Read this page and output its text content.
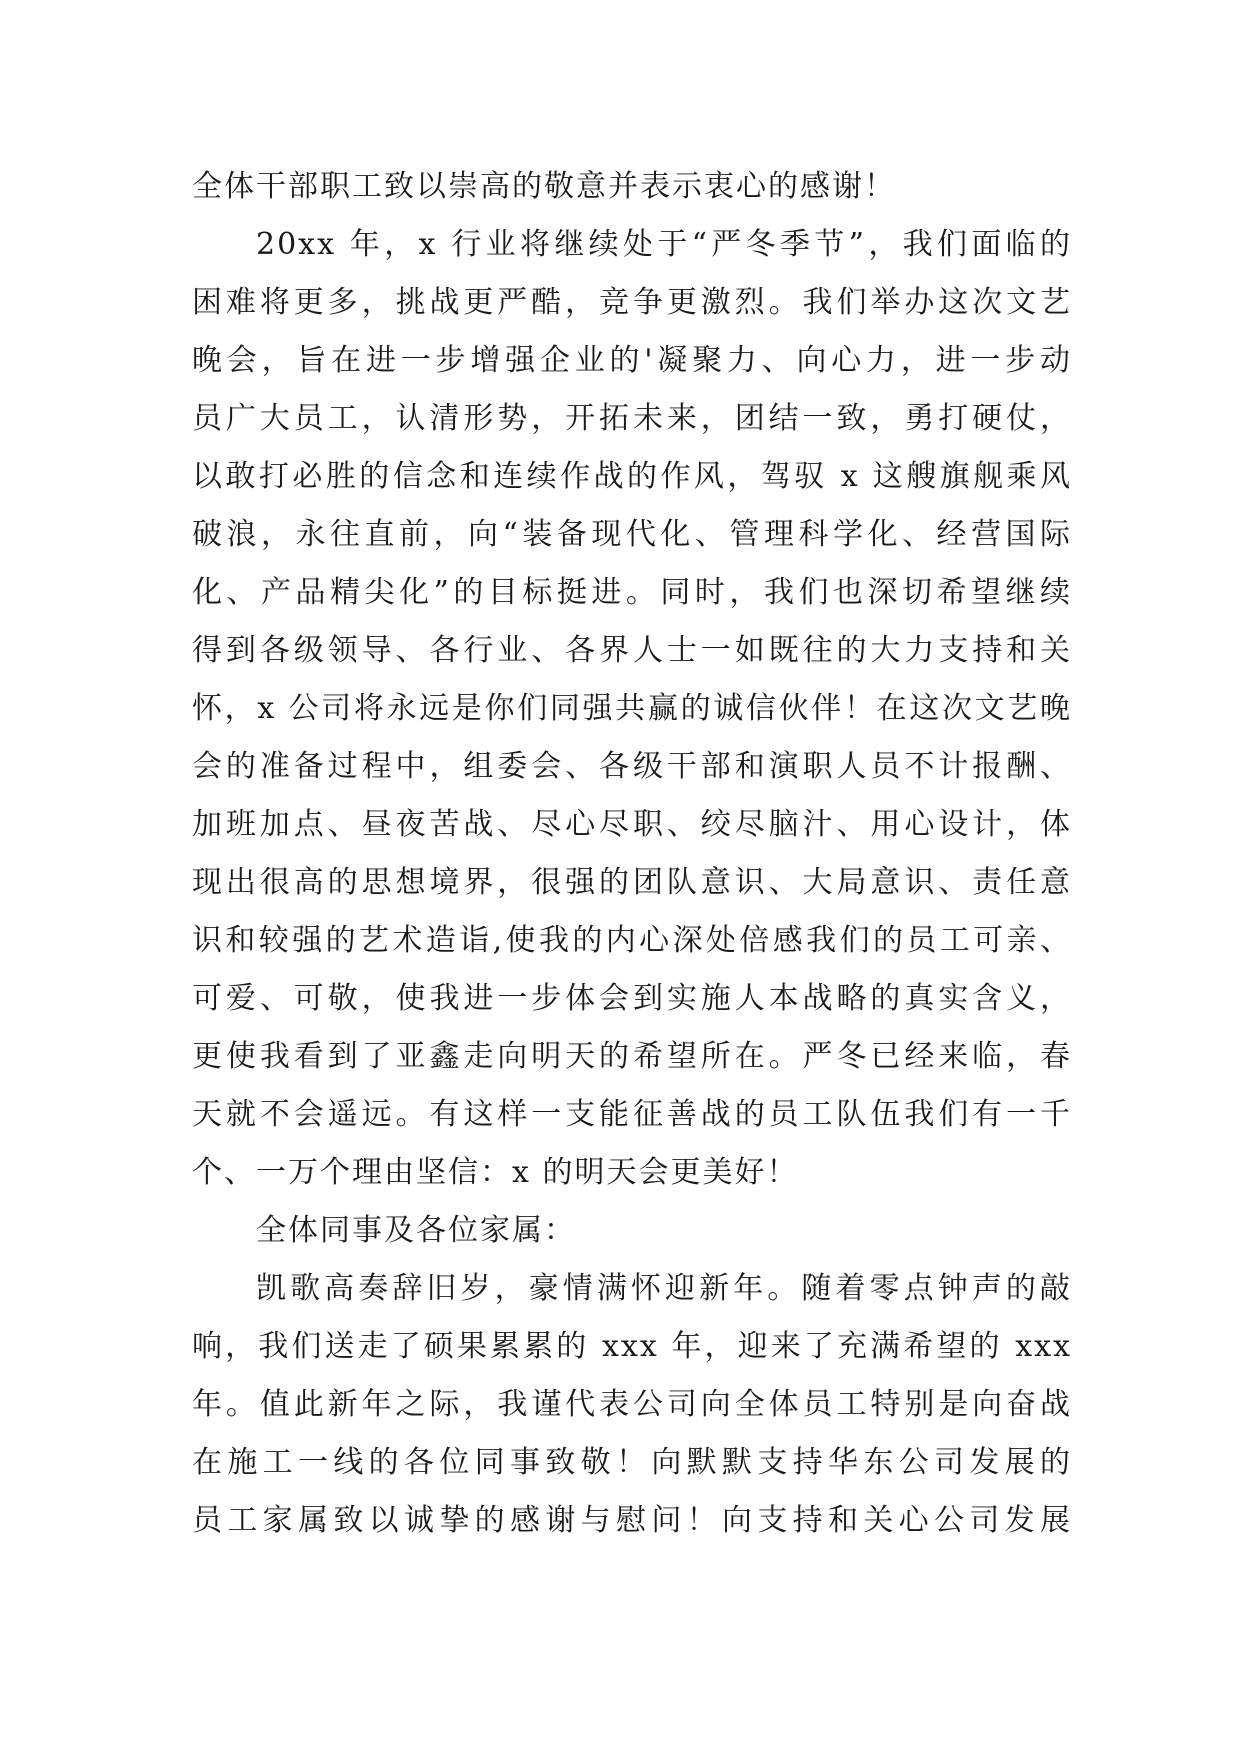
全体干部职工致以崇高的敬意并表示衷心的感谢！
20xx 年，x 行业将继续处于“严冬季节”，我们面临的
困难将更多，挑战更严酷，竞争更激烈。我们举办这次文艺
晚会，旨在进一步增强企业的'凝聚力、向心力，进一步动
员广大员工，认清形势，开拓未来，团结一致，勇打硬仗，
以敢打必胜的信念和连续作战的作风，驾驭 x 这艘旗舰乘风
破浪，永往直前，向“装备现代化、管理科学化、经营国际
化、产品精尖化”的目标挺进。同时，我们也深切希望继续
得到各级领导、各行业、各界人士一如既往的大力支持和关
怀，x 公司将永远是你们同强共赢的诚信伙伴！在这次文艺晚
会的准备过程中，组委会、各级干部和演职人员不计报酬、
加班加点、昼夜苦战、尽心尽职、绞尽脑汁、用心设计，体
现出很高的思想境界，很强的团队意识、大局意识、责任意
识和较强的艺术造诣,使我的内心深处倍感我们的员工可亲、
可爱、可敬，使我进一步体会到实施人本战略的真实含义，
更使我看到了亚鑫走向明天的希望所在。严冬已经来临，春
天就不会遥远。有这样一支能征善战的员工队伍我们有一千
个、一万个理由坚信：x 的明天会更美好！
全体同事及各位家属：
凯歌高奏辞旧岁，豪情满怀迎新年。随着零点钟声的敲
响，我们送走了硕果累累的 xxx 年，迎来了充满希望的 xxx
年。值此新年之际，我谨代表公司向全体员工特别是向奋战
在施工一线的各位同事致敬！向默默支持华东公司发展的
员工家属致以诚挚的感谢与慰问！向支持和关心公司发展
